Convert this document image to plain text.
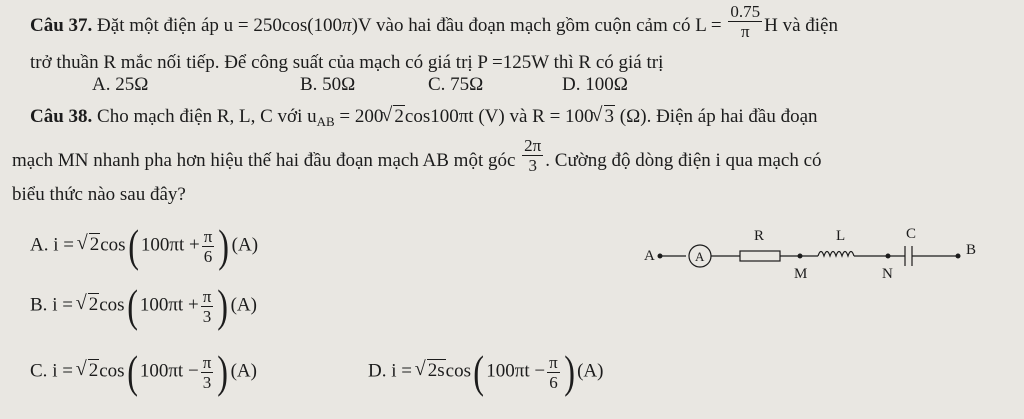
Câu 37. Đặt một điện áp u = 250cos(100π)V vào hai đầu đoạn mạch gồm cuộn cảm có $L = \frac{0.75}{\pi}$ H và điện
trở thuần R mắc nối tiếp. Để công suất của mạch có giá trị P =125W thì R có giá trị
A. 25Ω	B. 50Ω	C. 75Ω	D. 100Ω
Câu 38. Cho mạch điện R, L, C với $u_{AB} = 200√$ 2cos100πt (V) và R = 100√ 3 (Ω). Điện áp hai đầu đoạn
mạch MN nhanh pha hơn hiệu thế hai đầu đoạn mạch AB một góc $\frac{2\pi}{3}$ . Cường độ dòng điện i qua mạch có
biểu thức nào sau đây?
A. i = √ 2cos( $100\pi t + \frac{\pi}{6}$ ) (A)
B. i = √ 2cos( $100\pi t + \frac{\pi}{3}$ ) (A)
C. i = √ 2cos( $100\pi t - \frac{\pi}{3}$ ) (A)	D. i = √ 2scos( $100\pi t - \frac{\pi}{6}$ ) (A)
A	A
R	L	C
M	N
B
